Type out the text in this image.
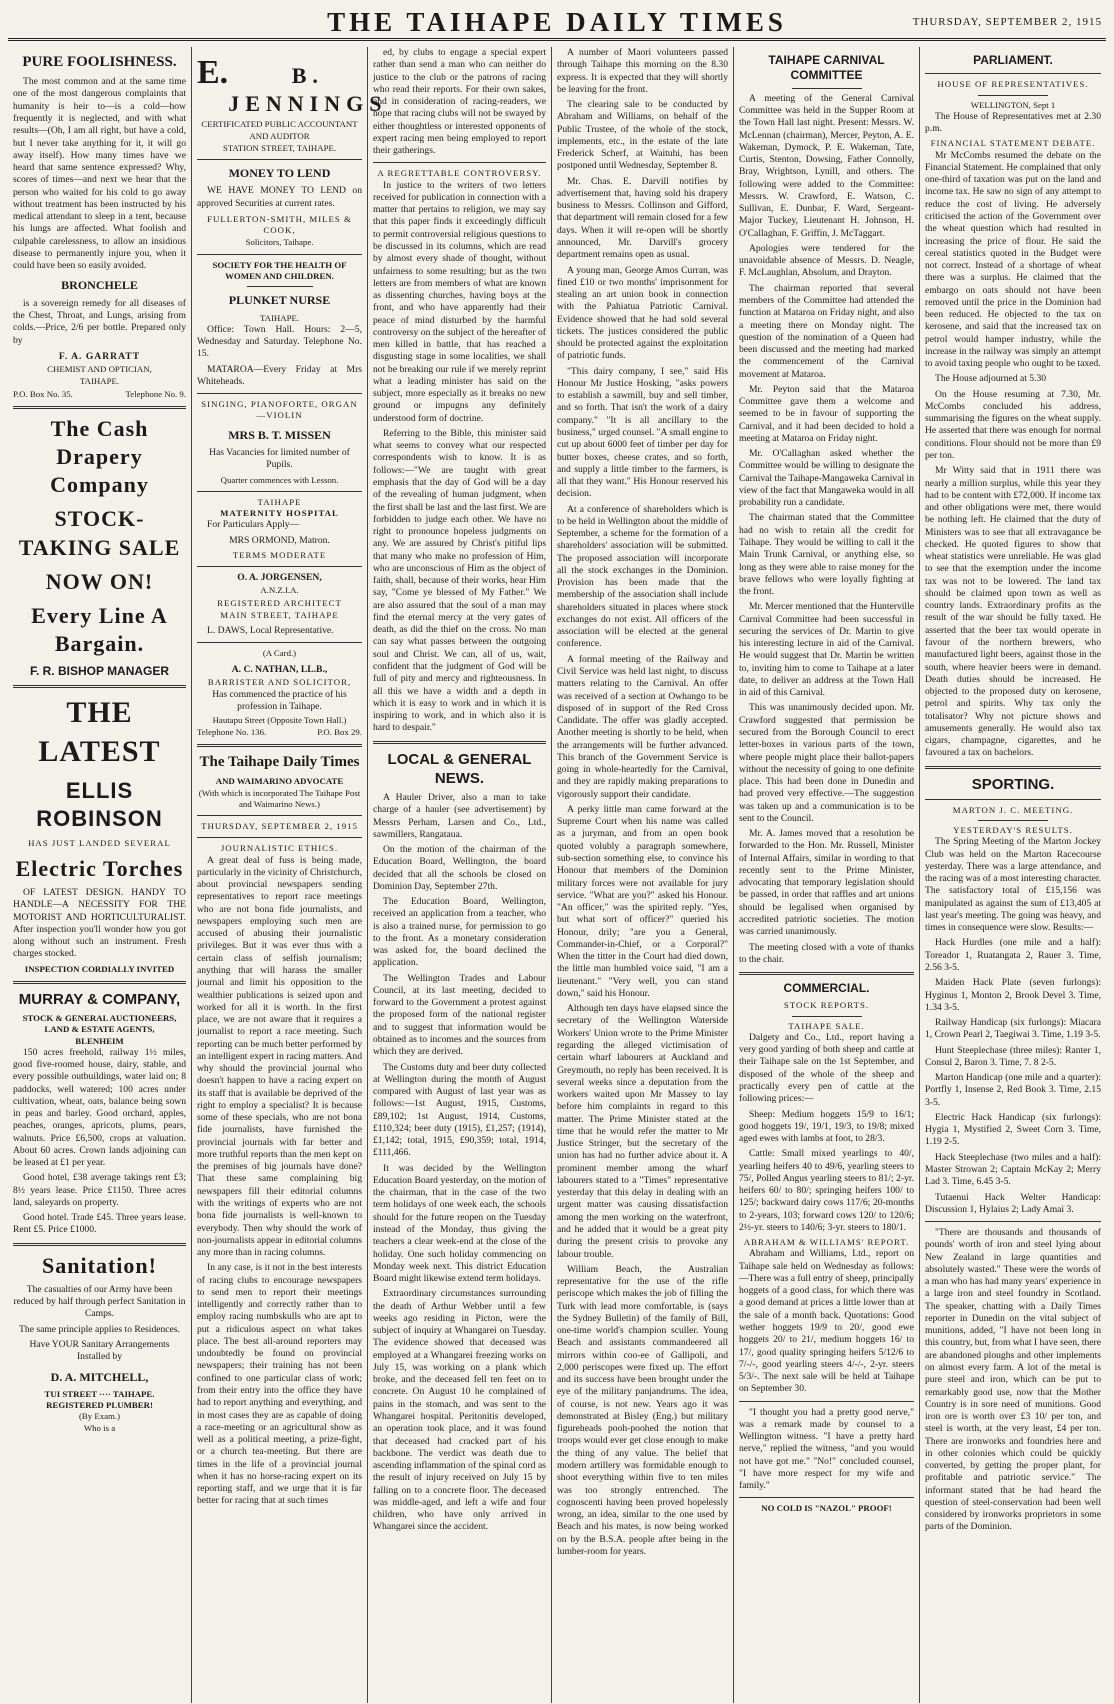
THE TAIHAPE DAILY TIMES	THURSDAY, SEPTEMBER 2, 1915
PURE FOOLISHNESS.

The most common and at the same time one of the most dangerous complaints that humanity is heir to—is a cold—how frequently it is neglected, and with what results—(Oh, I am all right, but have a cold, but I never take anything for it, it will go away itself). How many times have we heard that same sentence expressed? Why, scores of times—and next we hear that the person who waited for his cold to go away without treatment has been instructed by his medical attendant to sleep in a tent, because his lungs are affected. What foolish and culpable carelessness, to allow an insidious disease to permanently injure you, when it could have been so easily avoided.

BRONCHELE

is a sovereign remedy for all diseases of the Chest, Throat, and Lungs, arising from colds.—Price, 2/6 per bottle. Prepared only by

F. A. GARRATT

CHEMIST AND OPTICIAN,

TAIHAPE.

P.O. Box No. 35.	Telephone No. 9.
The Cash Drapery Company
STOCK-TAKING SALE
NOW ON!
Every Line A Bargain.
F. R. BISHOP MANAGER
THE LATEST
ELLIS ROBINSON
HAS JUST LANDED SEVERAL
Electric Torches

OF LATEST DESIGN. HANDY TO HANDLE—A NECESSITY FOR THE MOTORIST AND HORTICULTURALIST. After inspection you'll wonder how you got along without such an instrument. Fresh charges stocked.

INSPECTION CORDIALLY INVITED
MURRAY & COMPANY,
STOCK & GENERAL AUCTIONEERS, LAND & ESTATE AGENTS,
BLENHEIM

150 acres freehold, railway 1½ miles, good five-roomed house, dairy, stable, and every possible outbuildings, water laid on; 8 paddocks, well watered; 100 acres under cultivation, wheat, oats, balance being sown in peas and barley. Good orchard, apples, peaches, oranges, apricots, plums, pears, walnuts. Price £6,500, crops at valuation. About 60 acres. Crown lands adjoining can be leased at £1 per year.

Good hotel, £38 average takings rent £3; 8½ years lease. Price £1150. Three acres land, saleyards on property.

Good hotel. Trade £45. Three years lease. Rent £5. Price £1000.

Sanitation!

The casualties of our Army have been reduced by half through perfect Sanitation in Camps.

The same principle applies to Residences.

Have YOUR Sanitary Arrangements Installed by

D. A. MITCHELL,
TUI STREET ···· TAIHAPE.
REGISTERED PLUMBER!
(By Exam.)
Who is a
E.	B. JENNINGS

CERTIFICATED PUBLIC ACCOUNTANT AND AUDITOR

STATION STREET, TAIHAPE.

MONEY TO LEND

WE HAVE MONEY TO LEND on approved Securities at current rates.

FULLERTON-SMITH, MILES & COOK,

Solicitors, Taihape.

SOCIETY FOR THE HEALTH OF WOMEN AND CHILDREN.
PLUNKET NURSE
TAIHAPE.

Office: Town Hall. Hours: 2—5, Wednesday and Saturday. Telephone No. 15.

MATAROA—Every Friday at Mrs Whiteheads.

SINGING, PIANOFORTE, ORGAN—VIOLIN
MRS B. T. MISSEN

Has Vacancies for limited number of Pupils.

Quarter commences with Lesson.

TAIHAPE
MATERNITY HOSPITAL

For Particulars Apply—

MRS ORMOND, Matron.

TERMS MODERATE

O. A. JORGENSEN,

A.N.Z.I.A.

REGISTERED ARCHITECT

MAIN STREET, TAIHAPE

L. DAWS, Local Representative.

(A Card.)

A. C. NATHAN, LL.B.,

BARRISTER AND SOLICITOR,

Has commenced the practice of his profession in Taihape.

Hautapu Street (Opposite Town Hall.)

Telephone No. 136.	P.O. Box 29.
The Taihape Daily Times
AND WAIMARINO ADVOCATE

(With which is incorporated The Taihape Post and Waimarino News.)

THURSDAY, SEPTEMBER 2, 1915
JOURNALISTIC ETHICS.

A great deal of fuss is being made, particularly in the vicinity of Christchurch, about provincial newspapers sending representatives to report race meetings who are not bona fide journalists, and newspapers employing such men are accused of abusing their journalistic privileges. But it was ever thus with a certain class of selfish journalism; anything that will harass the smaller journal and limit his opposition to the wealthier publications is seized upon and worked for all it is worth. In the first place, we are not aware that it requires a journalist to report a race meeting. Such reporting can be much better performed by an intelligent expert in racing matters. And why should the provincial journal who doesn't happen to have a racing expert on its staff that is available be deprived of the right to employ a specialist? It is because some of these specials, who are not bona fide journalists, have furnished the provincial journals with far better and more truthful reports than the men kept on the premises of big journals have done? That these same complaining big newspapers fill their editorial columns with the writings of experts who are not bona fide journalists is well-known to everybody. Then why should the work of non-journalists appear in editorial columns any more than in racing columns.

In any case, is it not in the best interests of racing clubs to encourage newspapers to send men to report their meetings intelligently and correctly rather than to employ racing numbskulls who are apt to put a ridiculous aspect on what takes place. The best all-around reporters may undoubtedly be found on provincial newspapers; their training has not been confined to one particular class of work; from their entry into the office they have had to report anything and everything, and in most cases they are as capable of doing a race-meeting or an agricultural show as well as a political meeting, a prize-fight, or a church tea-meeting. But there are times in the life of a provincial journal when it has no horse-racing expert on its reporting staff, and we urge that it is far better for racing that at such times

ed, by clubs to engage a special expert rather than send a man who can neither do justice to the club or the patrons of racing who read their reports. For their own sakes, and in consideration of racing-readers, we hope that racing clubs will not be swayed by either thoughtless or interested opponents of expert racing men being employed to report their gatherings.

A REGRETTABLE CONTROVERSY.

In justice to the writers of two letters received for publication in connection with a matter that pertains to religion, we may say that this paper finds it exceedingly difficult to permit controversial religious questions to be discussed in its columns, which are read by almost every shade of thought, without unfairness to some resulting; but as the two letters are from members of what are known as dissenting churches, having boys at the front, and who have apparently had their peace of mind disturbed by the harmful controversy on the subject of the hereafter of men killed in battle, that has reached a disgusting stage in some localities, we shall not be breaking our rule if we merely reprint what a leading minister has said on the subject, more especially as it breaks no new ground or impugns any definitely understood form of doctrine.

Referring to the Bible, this minister said what seems to convey what our respected correspondents wish to know. It is as follows:—"We are taught with great emphasis that the day of God will be a day of the revealing of human judgment, when the first shall be last and the last first. We are forbidden to judge each other. We have no right to pronounce hopeless judgments on any. We are assured by Christ's pitiful lips that many who make no profession of Him, who are unconscious of Him as the object of faith, shall, because of their works, hear Him say, "Come ye blessed of My Father." We are also assured that the soul of a man may find the eternal mercy at the very gates of death, as did the thief on the cross. No man can say what passes between the outgoing soul and Christ. We can, all of us, wait, confident that the judgment of God will be full of pity and mercy and righteousness. In all this we have a width and a depth in which it is easy to work and in which it is inspiring to work, and in which also it is hard to despair."

LOCAL & GENERAL NEWS.

A Hauler Driver, also a man to take charge of a hauler (see advertisement) by Messrs Perham, Larsen and Co., Ltd., sawmillers, Rangataua.

On the motion of the chairman of the Education Board, Wellington, the board decided that all the schools be closed on Dominion Day, September 27th.

The Education Board, Wellington, received an application from a teacher, who is also a trained nurse, for permission to go to the front. As a monetary consideration was asked for, the board declined the application.

The Wellington Trades and Labour Council, at its last meeting, decided to forward to the Government a protest against the proposed form of the national register and to suggest that information would be obtained as to incomes and the sources from which they are derived.

The Customs duty and beer duty collected at Wellington during the month of August compared with August of last year was as follows:—1st August, 1915, Customs, £89,102; 1st August, 1914, Customs, £110,324; beer duty (1915), £1,257; (1914), £1,142; total, 1915, £90,359; total, 1914, £111,466.

It was decided by the Wellington Education Board yesterday, on the motion of the chairman, that in the case of the two term holidays of one week each, the schools should for the future reopen on the Tuesday instead of the Monday, thus giving the teachers a clear week-end at the close of the holiday. One such holiday commencing on Monday week next. This district Education Board might likewise extend term holidays.

Extraordinary circumstances surrounding the death of Arthur Webber until a few weeks ago residing in Picton, were the subject of inquiry at Whangarei on Tuesday. The evidence showed that deceased was employed at a Whangarei freezing works on July 15, was working on a plank which broke, and the deceased fell ten feet on to concrete. On August 10 he complained of pains in the stomach, and was sent to the Whangarei hospital. Peritonitis developed, an operation took place, and it was found that deceased had cracked part of his backbone. The verdict was death due to ascending inflammation of the spinal cord as the result of injury received on July 15 by falling on to a concrete floor. The deceased was middle-aged, and left a wife and four children, who have only arrived in Whangarei since the accident.

A number of Maori volunteers passed through Taihape this morning on the 8.30 express. It is expected that they will shortly be leaving for the front.

The clearing sale to be conducted by Abraham and Williams, on behalf of the Public Trustee, of the whole of the stock, implements, etc., in the estate of the late Frederick Scherf, at Waituhi, has been postponed until Wednesday, September 8.

Mr. Chas. E. Darvill notifies by advertisement that, having sold his drapery business to Messrs. Collinson and Gifford, that department will remain closed for a few days. When it will re-open will be shortly announced, Mr. Darvill's grocery department remains open as usual.

A young man, George Amos Curran, was fined £10 or two months' imprisonment for stealing an art union book in connection with the Pahiatua Patriotic Carnival. Evidence showed that he had sold several tickets. The justices considered the public should be protected against the exploitation of patriotic funds.

"This dairy company, I see," said His Honour Mr Justice Hosking, "asks powers to establish a sawmill, buy and sell timber, and so forth. That isn't the work of a dairy company." "It is all ancillary to the business," urged counsel. "A small engine to cut up about 6000 feet of timber per day for butter boxes, cheese crates, and so forth, and supply a little timber to the farmers, is all that they want." His Honour reserved his decision.

At a conference of shareholders which is to be held in Wellington about the middle of September, a scheme for the formation of a shareholders' association will be submitted. The proposed association will incorporate all the stock exchanges in the Dominion. Provision has been made that the membership of the association shall include shareholders situated in places where stock exchanges do not exist. All officers of the association will be elected at the general conference.

A formal meeting of the Railway and Civil Service was held last night, to discuss matters relating to the Carnival. An offer was received of a section at Owhango to be disposed of in support of the Red Cross Candidate. The offer was gladly accepted. Another meeting is shortly to be held, when the arrangements will be further advanced. This branch of the Government Service is going in whole-heartedly for the Carnival, and they are rapidly making preparations to vigorously support their candidate.

A perky little man came forward at the Supreme Court when his name was called as a juryman, and from an open book quoted volubly a paragraph somewhere, sub-section something else, to convince his Honour that members of the Dominion military forces were not available for jury service. "What are you?" asked his Honour. "An officer," was the spirited reply. "Yes, but what sort of officer?" queried his Honour, drily; "are you a General, Commander-in-Chief, or a Corporal?" When the titter in the Court had died down, the little man humbled voice said, "I am a lieutenant." "Very well, you can stand down," said his Honour.

Although ten days have elapsed since the secretary of the Wellington Waterside Workers' Union wrote to the Prime Minister regarding the alleged victimisation of certain wharf labourers at Auckland and Greymouth, no reply has been received. It is several weeks since a deputation from the workers waited upon Mr Massey to lay before him complaints in regard to this matter. The Prime Minister stated at the time that he would refer the matter to Mr Justice Stringer, but the secretary of the union has had no further advice about it. A prominent member among the wharf labourers stated to a "Times" representative yesterday that this delay in dealing with an urgent matter was causing dissatisfaction among the men working on the waterfront, and he added that it would be a great pity during the present crisis to provoke any labour trouble.

William Beach, the Australian representative for the use of the rifle periscope which makes the job of filling the Turk with lead more comfortable, is (says the Sydney Bulletin) of the family of Bill, one-time world's champion sculler. Young Beach and assistants commandeered all mirrors within coo-ee of Gallipoli, and 2,000 periscopes were fixed up. The effort and its success have been brought under the eye of the military panjandrums. The idea, of course, is not new. Years ago it was demonstrated at Bisley (Eng.) but military figureheads pooh-poohed the notion that troops would ever get close enough to make the thing of any value. The belief that modern artillery was formidable enough to shoot everything within five to ten miles was too strongly entrenched. The cognoscenti having been proved hopelessly wrong, an idea, similar to the one used by Beach and his mates, is now being worked on by the B.S.A. people after being in the lumber-room for years.

TAIHAPE CARNIVAL COMMITTEE

A meeting of the General Carnival Committee was held in the Supper Room at the Town Hall last night. Present: Messrs. W. McLennan (chairman), Mercer, Peyton, A. E. Wakeman, Dymock, P. E. Wakeman, Tate, Curtis, Stenton, Dowsing, Father Connolly, Bray, Wrightson, Lynill, and others. The following were added to the Committee: Messrs. W. Crawford, E. Watson, C. Sullivan, E. Dunbar, F. Ward, Sergeant-Major Tuckey, Lieutenant H. Johnson, H. O'Callaghan, F. Griffin, J. McTaggart.

Apologies were tendered for the unavoidable absence of Messrs. D. Neagle, F. McLaughlan, Absolum, and Drayton.

The chairman reported that several members of the Committee had attended the function at Mataroa on Friday night, and also a meeting there on Monday night. The question of the nomination of a Queen had been discussed and the meeting had marked the commencement of the Carnival movement at Mataroa.

Mr. Peyton said that the Mataroa Committee gave them a welcome and seemed to be in favour of supporting the Carnival, and it had been decided to hold a meeting at Mataroa on Friday night.

Mr. O'Callaghan asked whether the Committee would be willing to designate the Carnival the Taihape-Mangaweka Carnival in view of the fact that Mangaweka would in all probability run a candidate.

The chairman stated that the Committee had no wish to retain all the credit for Taihape. They would be willing to call it the Main Trunk Carnival, or anything else, so long as they were able to raise money for the brave fellows who were loyally fighting at the front.

Mr. Mercer mentioned that the Hunterville Carnival Committee had been successful in securing the services of Dr. Martin to give his interesting lecture in aid of the Carnival. He would suggest that Dr. Martin be written to, inviting him to come to Taihape at a later date, to deliver an address at the Town Hall in aid of this Carnival.

This was unanimously decided upon. Mr. Crawford suggested that permission be secured from the Borough Council to erect letter-boxes in various parts of the town, where people might place their ballot-papers without the necessity of going to one definite place. This had been done in Dunedin and had proved very effective.—The suggestion was taken up and a communication is to be sent to the Council.

Mr. A. James moved that a resolution be forwarded to the Hon. Mr. Russell, Minister of Internal Affairs, similar in wording to that recently sent to the Prime Minister, advocating that temporary legislation should be passed, in order that raffles and art unions should be legalised when organised by accredited patriotic societies. The motion was carried unanimously.

The meeting closed with a vote of thanks to the chair.

COMMERCIAL.
STOCK REPORTS.
TAIHAPE SALE.

Dalgety and Co., Ltd., report having a very good yarding of both sheep and cattle at their Taihape sale on the 1st September, and disposed of the whole of the sheep and practically every pen of cattle at the following prices:—

Sheep: Medium hoggets 15/9 to 16/1; good hoggets 19/, 19/1, 19/3, to 19/8; mixed aged ewes with lambs at foot, to 28/3.

Cattle: Small mixed yearlings to 40/, yearling heifers 40 to 49/6, yearling steers to 75/, Polled Angus yearling steers to 81/; 2-yr. heifers 60/ to 80/; springing heifers 100/ to 125/; backward dairy cows 117/6; 20-months to 2-years, 103; forward cows 120/ to 120/6; 2½-yr. steers to 140/6; 3-yr. steers to 180/1.

ABRAHAM & WILLIAMS' REPORT.

Abraham and Williams, Ltd., report on Taihape sale held on Wednesday as follows:—There was a full entry of sheep, principally hoggets of a good class, for which there was a good demand at prices a little lower than at the sale of a month back. Quotations: Good wether hoggets 19/9 to 20/, good ewe hoggets 20/ to 21/, medium hoggets 16/ to 17/, good quality springing heifers 5/12/6 to 7/-/-, good yearling steers 4/-/-, 2-yr. steers 5/3/-. The next sale will be held at Taihape on September 30.

"I thought you had a pretty good nerve," was a remark made by counsel to a Wellington witness. "I have a pretty hard nerve," replied the witness, "and you would not have got me." "No!" concluded counsel, "I have more respect for my wife and family."

NO COLD IS "NAZOL" PROOF!
PARLIAMENT.
HOUSE OF REPRESENTATIVES.
WELLINGTON, Sept 1

The House of Representatives met at 2.30 p.m.

FINANCIAL STATEMENT DEBATE.

Mr McCombs resumed the debate on the Financial Statement. He complained that only one-third of taxation was put on the land and income tax. He saw no sign of any attempt to reduce the cost of living. He adversely criticised the action of the Government over the wheat question which had resulted in increasing the price of flour. He said the cereal statistics quoted in the Budget were not correct. Instead of a shortage of wheat there was a surplus. He claimed that the embargo on oats should not have been removed until the price in the Dominion had been reduced. He objected to the tax on kerosene, and said that the increased tax on petrol would hamper industry, while the increase in the railway was simply an attempt to avoid taxing people who ought to be taxed.

The House adjourned at 5.30

On the House resuming at 7.30, Mr. McCombs concluded his address, summarising the figures on the wheat supply. He asserted that there was enough for normal conditions. Flour should not be more than £9 per ton.

Mr Witty said that in 1911 there was nearly a million surplus, while this year they had to be content with £72,000. If income tax and other obligations were met, there would be nothing left. He claimed that the duty of Ministers was to see that all extravagance be checked. He quoted figures to show that wheat statistics were unreliable. He was glad to see that the exemption under the income tax was not to be lowered. The land tax should be claimed upon town as well as country lands. Extraordinary profits as the result of the war should be fully taxed. He asserted that the beer tax would operate in favour of the northern brewers, who manufactured light beers, against those in the south, where heavier beers were in demand. Death duties should be increased. He objected to the proposed duty on kerosene, petrol and spirits. Why tax only the totalisator? Why not picture shows and amusements generally. He would also tax cigars, champagne, cigarettes, and he favoured a tax on bachelors.

SPORTING.
MARTON J. C. MEETING.
YESTERDAY'S RESULTS.

The Spring Meeting of the Marton Jockey Club was held on the Marton Racecourse yesterday. There was a large attendance, and the racing was of a most interesting character. The satisfactory total of £15,156 was manipulated as against the sum of £13,405 at last year's meeting. The going was heavy, and times in consequence were slow. Results:—

Hack Hurdles (one mile and a half): Toreador 1, Ruatangata 2, Rauer 3. Time, 2.56 3-5.

Maiden Hack Plate (seven furlongs): Hyginus 1, Monton 2, Brook Devel 3. Time, 1.34 3-5.

Railway Handicap (six furlongs): Miacara 1, Crown Pearl 2, Taegiwai 3. Time, 1.19 3-5.

Hunt Steeplechase (three miles): Ranter 1, Consul 2, Baron 3. Time, 7. 8 2-5.

Marton Handicap (one mile and a quarter): Portfly 1, Insense 2, Red Book 3. Time, 2.15 3-5.

Electric Hack Handicap (six furlongs): Hygia 1, Mystified 2, Sweet Corn 3. Time, 1.19 2-5.

Hack Steeplechase (two miles and a half): Master Strowan 2; Captain McKay 2; Merry Lad 3. Time, 6.45 3-5.

Tutaenui Hack Welter Handicap: Discussion 1, Hylaius 2; Lady Amai 3.

"There are thousands and thousands of pounds' worth of iron and steel lying about New Zealand in large quantities and absolutely wasted." These were the words of a man who has had many years' experience in a large iron and steel foundry in Scotland. The speaker, chatting with a Daily Times reporter in Dunedin on the vital subject of munitions, added, "I have not been long in this country, but, from what I have seen, there are abandoned ploughs and other implements on almost every farm. A lot of the metal is pure steel and iron, which can be put to remarkably good use, now that the Mother Country is in sore need of munitions. Good iron ore is worth over £3 10/ per ton, and steel is worth, at the very least, £4 per ton. There are ironworks and foundries here and in other colonies which could be quickly converted, by getting the proper plant, for profitable and patriotic service." The informant stated that he had heard the question of steel-conservation had been well considered by ironworks proprietors in some parts of the Dominion.
